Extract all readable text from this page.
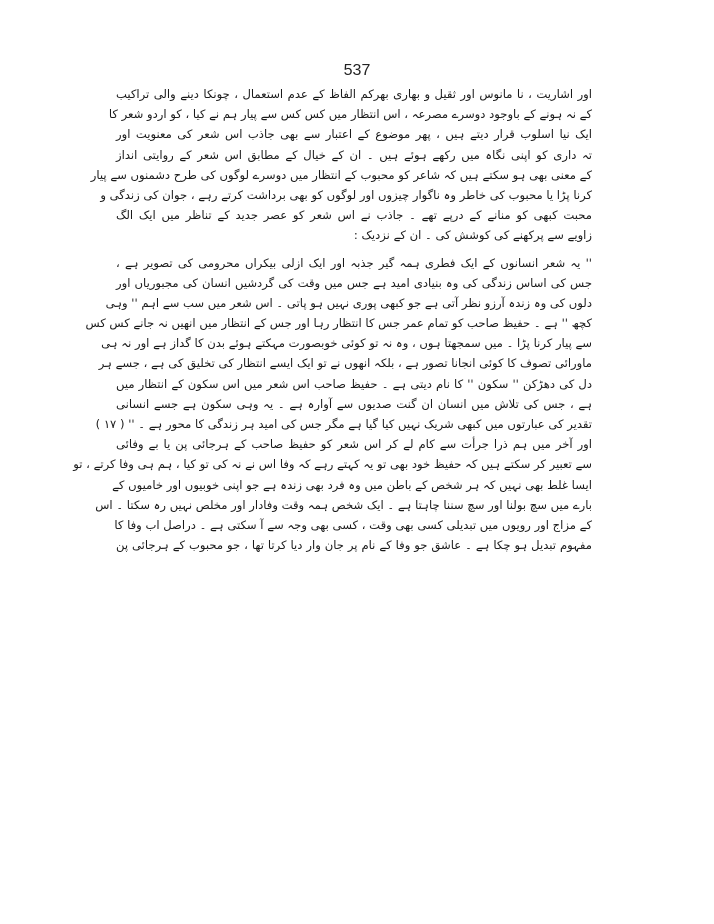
537
اور اشاریت ، نا مانوس اور ثقیل و بھاری بھرکم الفاظ کے عدم استعمال ، چونکا دینے والی تراکیب
کے نہ ہونے کے باوجود دوسرے مصرعہ ، اس انتظار میں کس کس سے پیار ہم نے کیا ، کو اردو شعر کا
ایک نیا اسلوب قرار دیتے ہیں ، پھر موضوع کے اعتبار سے بھی جاذب اس شعر کی معنویت اور
تہ داری کو اپنی نگاہ میں رکھے ہوئے ہیں ۔ ان کے خیال کے مطابق اس شعر کے روایتی انداز
کے معنی بھی ہو سکتے ہیں کہ شاعر کو محبوب کے انتظار میں دوسرے لوگوں کی طرح دشمنوں سے پیار
کرنا پڑا یا محبوب کی خاطر وہ ناگوار چیزوں اور لوگوں کو بھی برداشت کرتے رہے ، جوان کی زندگی و
محبت کبھی کو منانے کے درپے تھے ۔ جاذب نے اس شعر کو عصر جدید کے تناظر میں ایک الگ
زاویے سے پرکھنے کی کوشش کی ۔ ان کے نزدیک :
'' یہ شعر انسانوں کے ایک فطری ہمہ گیر جذبہ اور ایک ازلی بیکراں محرومی کی تصویر ہے ،
جس کی اساس زندگی کی وہ بنیادی امید ہے جس میں وقت کی گردشیں انسان کی مجبوریاں اور
دلوں کی وہ زندہ آرزو نظر آتی ہے جو کبھی پوری نہیں ہو پاتی ۔ اس شعر میں سب سے اہم '' وہی
کچھ '' ہے ۔ حفیظ صاحب کو تمام عمر جس کا انتظار رہا اور جس کے انتظار میں انھیں نہ جانے کس کس
سے پیار کرنا پڑا ۔ میں سمجھتا ہوں ، وہ نہ تو کوئی خوبصورت مہکتے ہوئے بدن کا گداز ہے اور نہ ہی
ماورائی تصوف کا کوئی انجانا تصور ہے ، بلکہ انھوں نے تو ایک ایسے انتظار کی تخلیق کی ہے ، جسے ہر
دل کی دھڑکن '' سکون '' کا نام دیتی ہے ۔ حفیظ صاحب اس شعر میں اس سکون کے انتظار میں
ہے ، جس کی تلاش میں انسان ان گنت صدیوں سے آوارہ ہے ۔ یہ وہی سکون ہے جسے انسانی
تقدیر کی عبارتوں میں کبھی شریک نہیں کیا گیا ہے مگر جس کی امید ہر زندگی کا محور ہے ۔ '' ( ۱۷ )
اور آخر میں ہم ذرا جرأت سے کام لے کر اس شعر کو حفیظ صاحب کے ہرجائی پن یا بے وفائی
سے تعبیر کر سکتے ہیں کہ حفیظ خود بھی تو یہ کہتے رہے کہ وفا اس نے نہ کی تو کیا ، ہم ہی وفا کرتے ، تو
ایسا غلط بھی نہیں کہ ہر شخص کے باطن میں وہ فرد بھی زندہ ہے جو اپنی خوبیوں اور خامیوں کے
بارے میں سچ بولنا اور سچ سننا چاہتا ہے ۔ ایک شخص ہمہ وقت وفادار اور مخلص نہیں رہ سکتا ۔ اس
کے مزاج اور رویوں میں تبدیلی کسی بھی وقت ، کسی بھی وجہ سے آ سکتی ہے ۔ دراصل اب وفا کا
مفہوم تبدیل ہو چکا ہے ۔ عاشق جو وفا کے نام پر جان وار دیا کرتا تھا ، جو محبوب کے ہرجائی پن
